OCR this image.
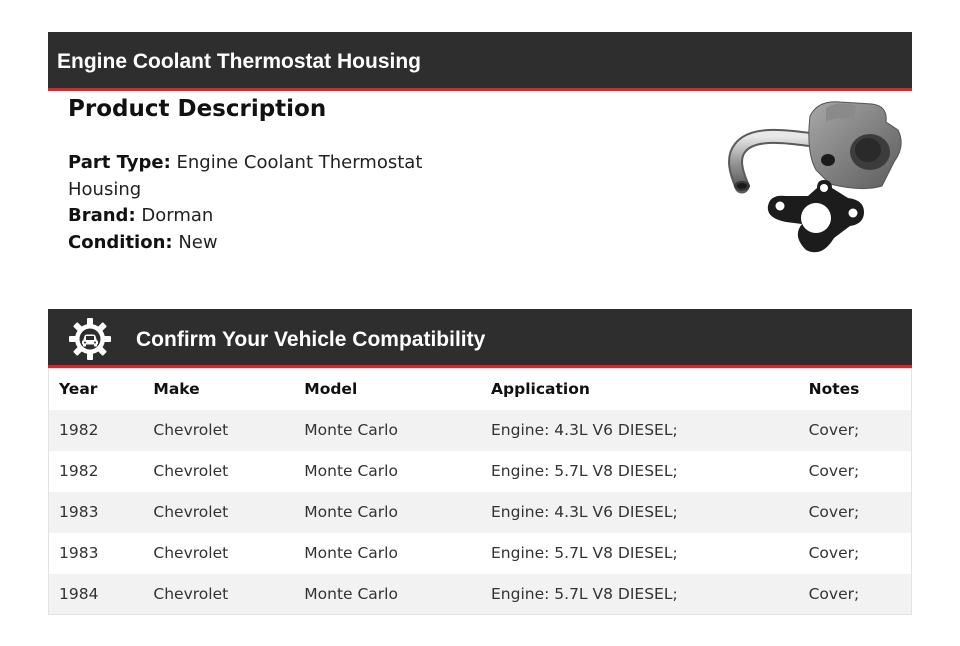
Engine Coolant Thermostat Housing
Product Description
Part Type: Engine Coolant Thermostat Housing
Brand: Dorman
Condition: New
Confirm Your Vehicle Compatibility
Year	Make	Model	Application	Notes
1982	Chevrolet	Monte Carlo	Engine: 4.3L V6 DIESEL;	Cover;
1982	Chevrolet	Monte Carlo	Engine: 5.7L V8 DIESEL;	Cover;
1983	Chevrolet	Monte Carlo	Engine: 4.3L V6 DIESEL;	Cover;
1983	Chevrolet	Monte Carlo	Engine: 5.7L V8 DIESEL;	Cover;
1984	Chevrolet	Monte Carlo	Engine: 5.7L V8 DIESEL;	Cover;
